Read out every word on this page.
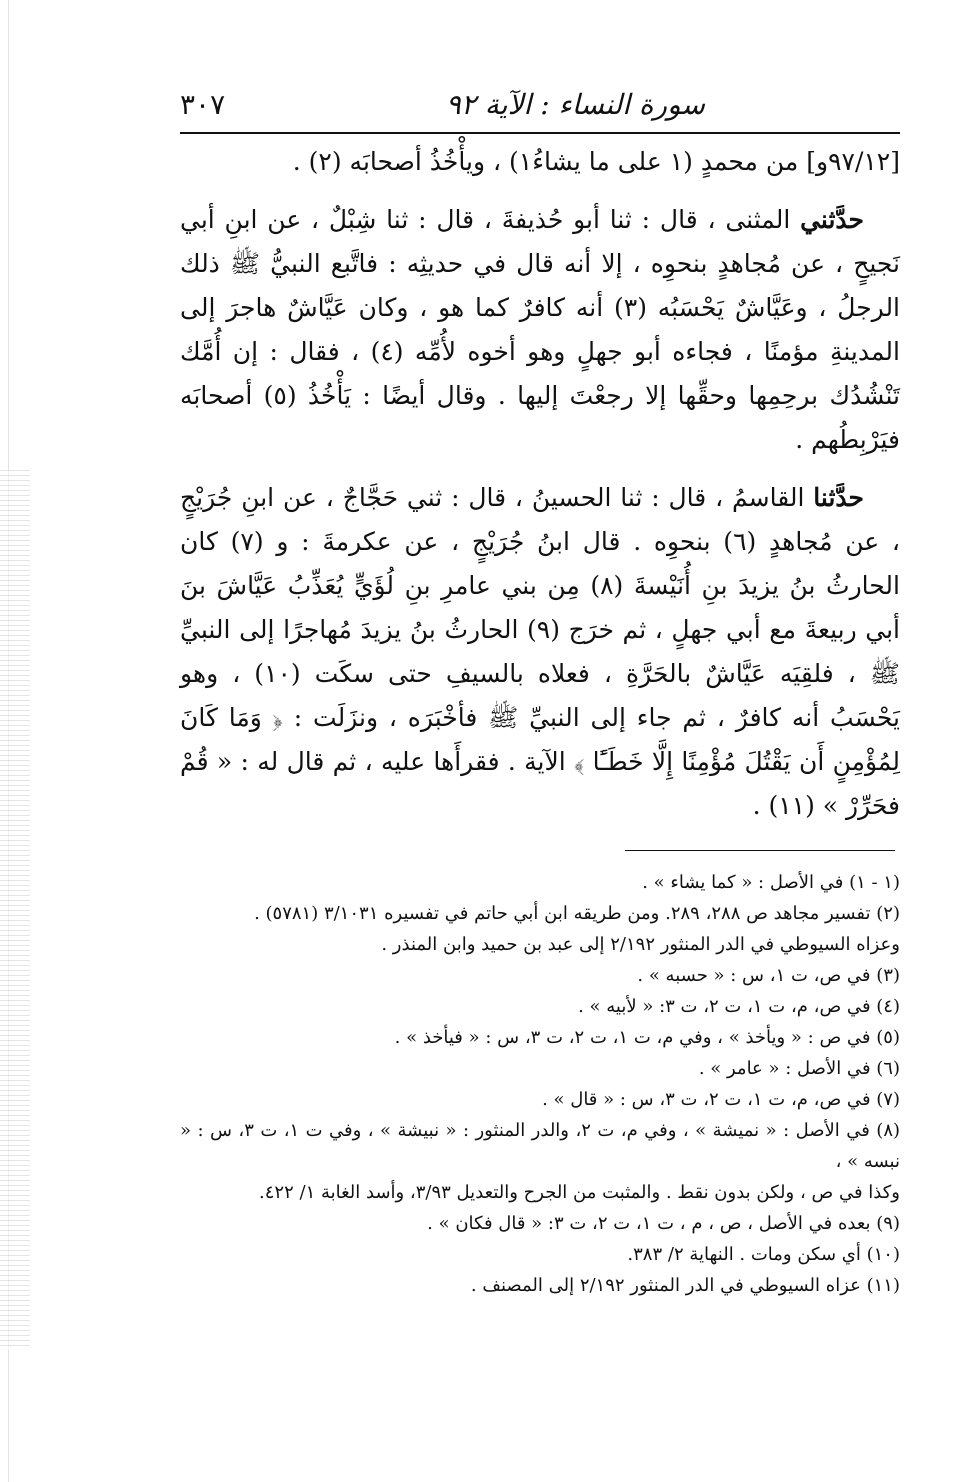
سورة النساء : الآية ٩٢
٣٠٧

[٩٧/١٢و] من محمدٍ (١ على ما يشاءُ١) ، ويأْخُذُ أصحابَه (٢) .

حدَّثني المثنى ، قال : ثنا أبو حُذيفةَ ، قال : ثنا شِبْلٌ ، عن ابنِ أبي نَجيحٍ ، عن مُجاهدٍ بنحوِه ، إلا أنه قال في حديثِه : فاتَّبع النبيُّ ﷺ ذلك الرجلُ ، وعَيَّاشٌ يَحْسَبُه (٣) أنه كافرٌ كما هو ، وكان عَيَّاشٌ هاجرَ إلى المدينةِ مؤمنًا ، فجاءه أبو جهلٍ وهو أخوه لأُمِّه (٤) ، فقال : إن أُمَّك تَنْشُدُك برحِمِها وحقِّها إلا رجعْتَ إليها . وقال أيضًا : يَأْخُذُ (٥) أصحابَه فيَرْبِطُهم .

حدَّثنا القاسمُ ، قال : ثنا الحسينُ ، قال : ثني حَجَّاجٌ ، عن ابنِ جُرَيْجٍ ، عن مُجاهدٍ (٦) بنحوِه . قال ابنُ جُرَيْجٍ ، عن عكرمةَ : و (٧) كان الحارثُ بنُ يزيدَ بنِ أُنَيْسةَ (٨) مِن بني عامرِ بنِ لُؤَيٍّ يُعَذِّبُ عَيَّاشَ بنَ أبي ربيعةَ مع أبي جهلٍ ، ثم خرَج (٩) الحارثُ بنُ يزيدَ مُهاجرًا إلى النبيِّ ﷺ ، فلقِيَه عَيَّاشٌ بالحَرَّةِ ، فعلاه بالسيفِ حتى سكَت (١٠) ، وهو يَحْسَبُ أنه كافرٌ ، ثم جاء إلى النبيِّ ﷺ فأخْبَرَه ، ونزَلَت : ﴿ وَمَا كَانَ لِمُؤْمِنٍ أَن يَقْتُلَ مُؤْمِنًا إِلَّا خَطَـًٔا ﴾ الآية . فقرأَها عليه ، ثم قال له : « قُمْ فحَرِّرْ » (١١) .

(١ - ١) في الأصل : « كما يشاء » .

(٢) تفسير مجاهد ص ٢٨٨، ٢٨٩. ومن طريقه ابن أبي حاتم في تفسيره ٣/١٠٣١ (٥٧٨١) .

وعزاه السيوطي في الدر المنثور ٢/١٩٢ إلى عبد بن حميد وابن المنذر .

(٣) في ص، ت ١، س : « حسبه » .

(٤) في ص، م، ت ١، ت ٢، ت ٣: « لأبيه » .

(٥) في ص : « ويأخذ » ، وفي م، ت ١، ت ٢، ت ٣، س : « فيأخذ » .

(٦) في الأصل : « عامر » .

(٧) في ص، م، ت ١، ت ٢، ت ٣، س : « قال » .

(٨) في الأصل : « نميشة » ، وفي م، ت ٢، والدر المنثور : « نبيشة » ، وفي ت ١، ت ٣، س : « نبسه » ،

وكذا في ص ، ولكن بدون نقط . والمثبت من الجرح والتعديل ٣/٩٣، وأسد الغابة ١/ ٤٢٢.

(٩) بعده في الأصل ، ص ، م ، ت ١، ت ٢، ت ٣: « قال فكان » .

(١٠) أي سكن ومات . النهاية ٢/ ٣٨٣.

(١١) عزاه السيوطي في الدر المنثور ٢/١٩٢ إلى المصنف .
